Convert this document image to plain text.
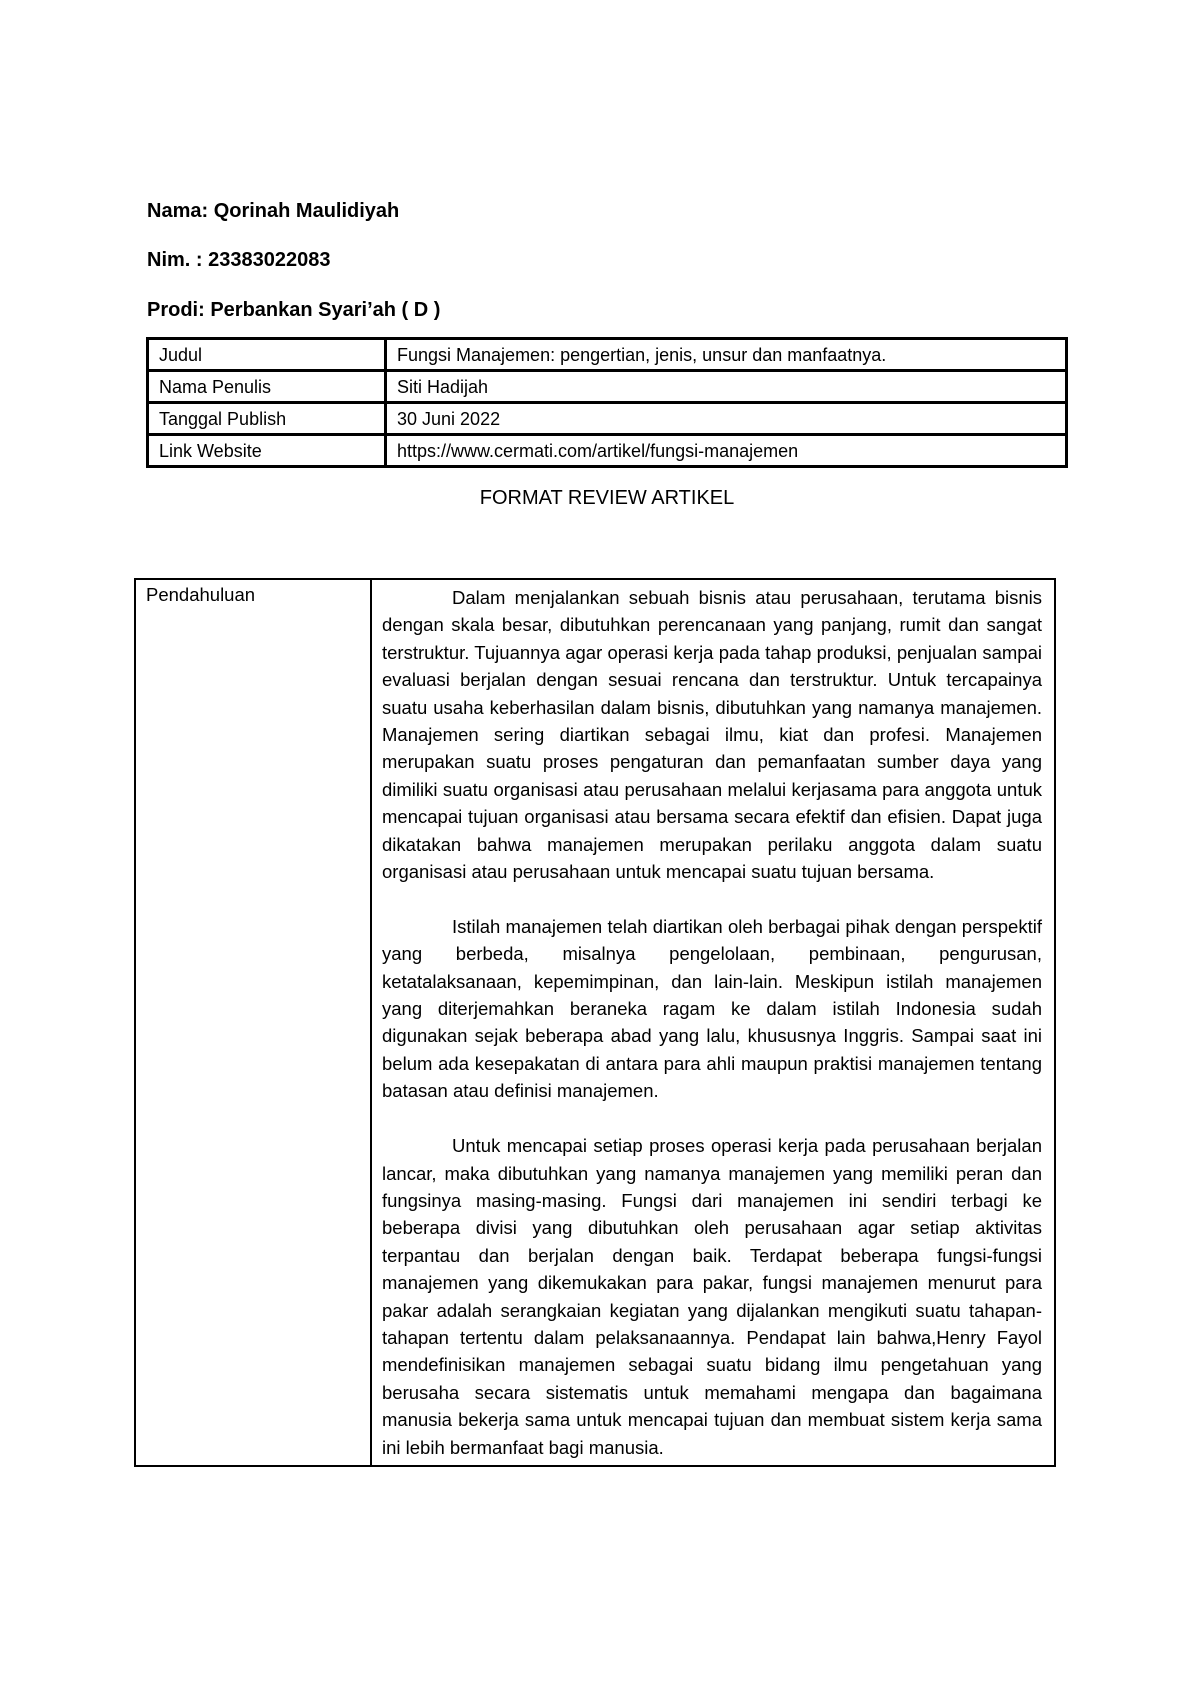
Nama: Qorinah Maulidiyah
Nim. : 23383022083
Prodi: Perbankan Syari’ah ( D )
Judul	Fungsi Manajemen: pengertian, jenis, unsur dan manfaatnya.
Nama Penulis	Siti Hadijah
Tanggal Publish	30 Juni 2022
Link Website	https://www.cermati.com/artikel/fungsi-manajemen
FORMAT REVIEW ARTIKEL
Pendahuluan	Dalam menjalankan sebuah bisnis atau perusahaan, terutama bisnis dengan skala besar, dibutuhkan perencanaan yang panjang, rumit dan sangat terstruktur. Tujuannya agar operasi kerja pada tahap produksi, penjualan sampai evaluasi berjalan dengan sesuai rencana dan terstruktur. Untuk tercapainya suatu usaha keberhasilan dalam bisnis, dibutuhkan yang namanya manajemen. Manajemen sering diartikan sebagai ilmu, kiat dan profesi. Manajemen merupakan suatu proses pengaturan dan pemanfaatan sumber daya yang dimiliki suatu organisasi atau perusahaan melalui kerjasama para anggota untuk mencapai tujuan organisasi atau bersama secara efektif dan efisien. Dapat juga dikatakan bahwa manajemen merupakan perilaku anggota dalam suatu organisasi atau perusahaan untuk mencapai suatu tujuan bersama.

Istilah manajemen telah diartikan oleh berbagai pihak dengan perspektif yang berbeda, misalnya pengelolaan, pembinaan, pengurusan, ketatalaksanaan, kepemimpinan, dan lain-lain. Meskipun istilah manajemen yang diterjemahkan beraneka ragam ke dalam istilah Indonesia sudah digunakan sejak beberapa abad yang lalu, khususnya Inggris. Sampai saat ini belum ada kesepakatan di antara para ahli maupun praktisi manajemen tentang batasan atau definisi manajemen.

Untuk mencapai setiap proses operasi kerja pada perusahaan berjalan lancar, maka dibutuhkan yang namanya manajemen yang memiliki peran dan fungsinya masing-masing. Fungsi dari manajemen ini sendiri terbagi ke beberapa divisi yang dibutuhkan oleh perusahaan agar setiap aktivitas terpantau dan berjalan dengan baik. Terdapat beberapa fungsi-fungsi manajemen yang dikemukakan para pakar, fungsi manajemen menurut para pakar adalah serangkaian kegiatan yang dijalankan mengikuti suatu tahapan-tahapan tertentu dalam pelaksanaannya. Pendapat lain bahwa,Henry Fayol mendefinisikan manajemen sebagai suatu bidang ilmu pengetahuan yang berusaha secara sistematis untuk memahami mengapa dan bagaimana manusia bekerja sama untuk mencapai tujuan dan membuat sistem kerja sama ini lebih bermanfaat bagi manusia.
